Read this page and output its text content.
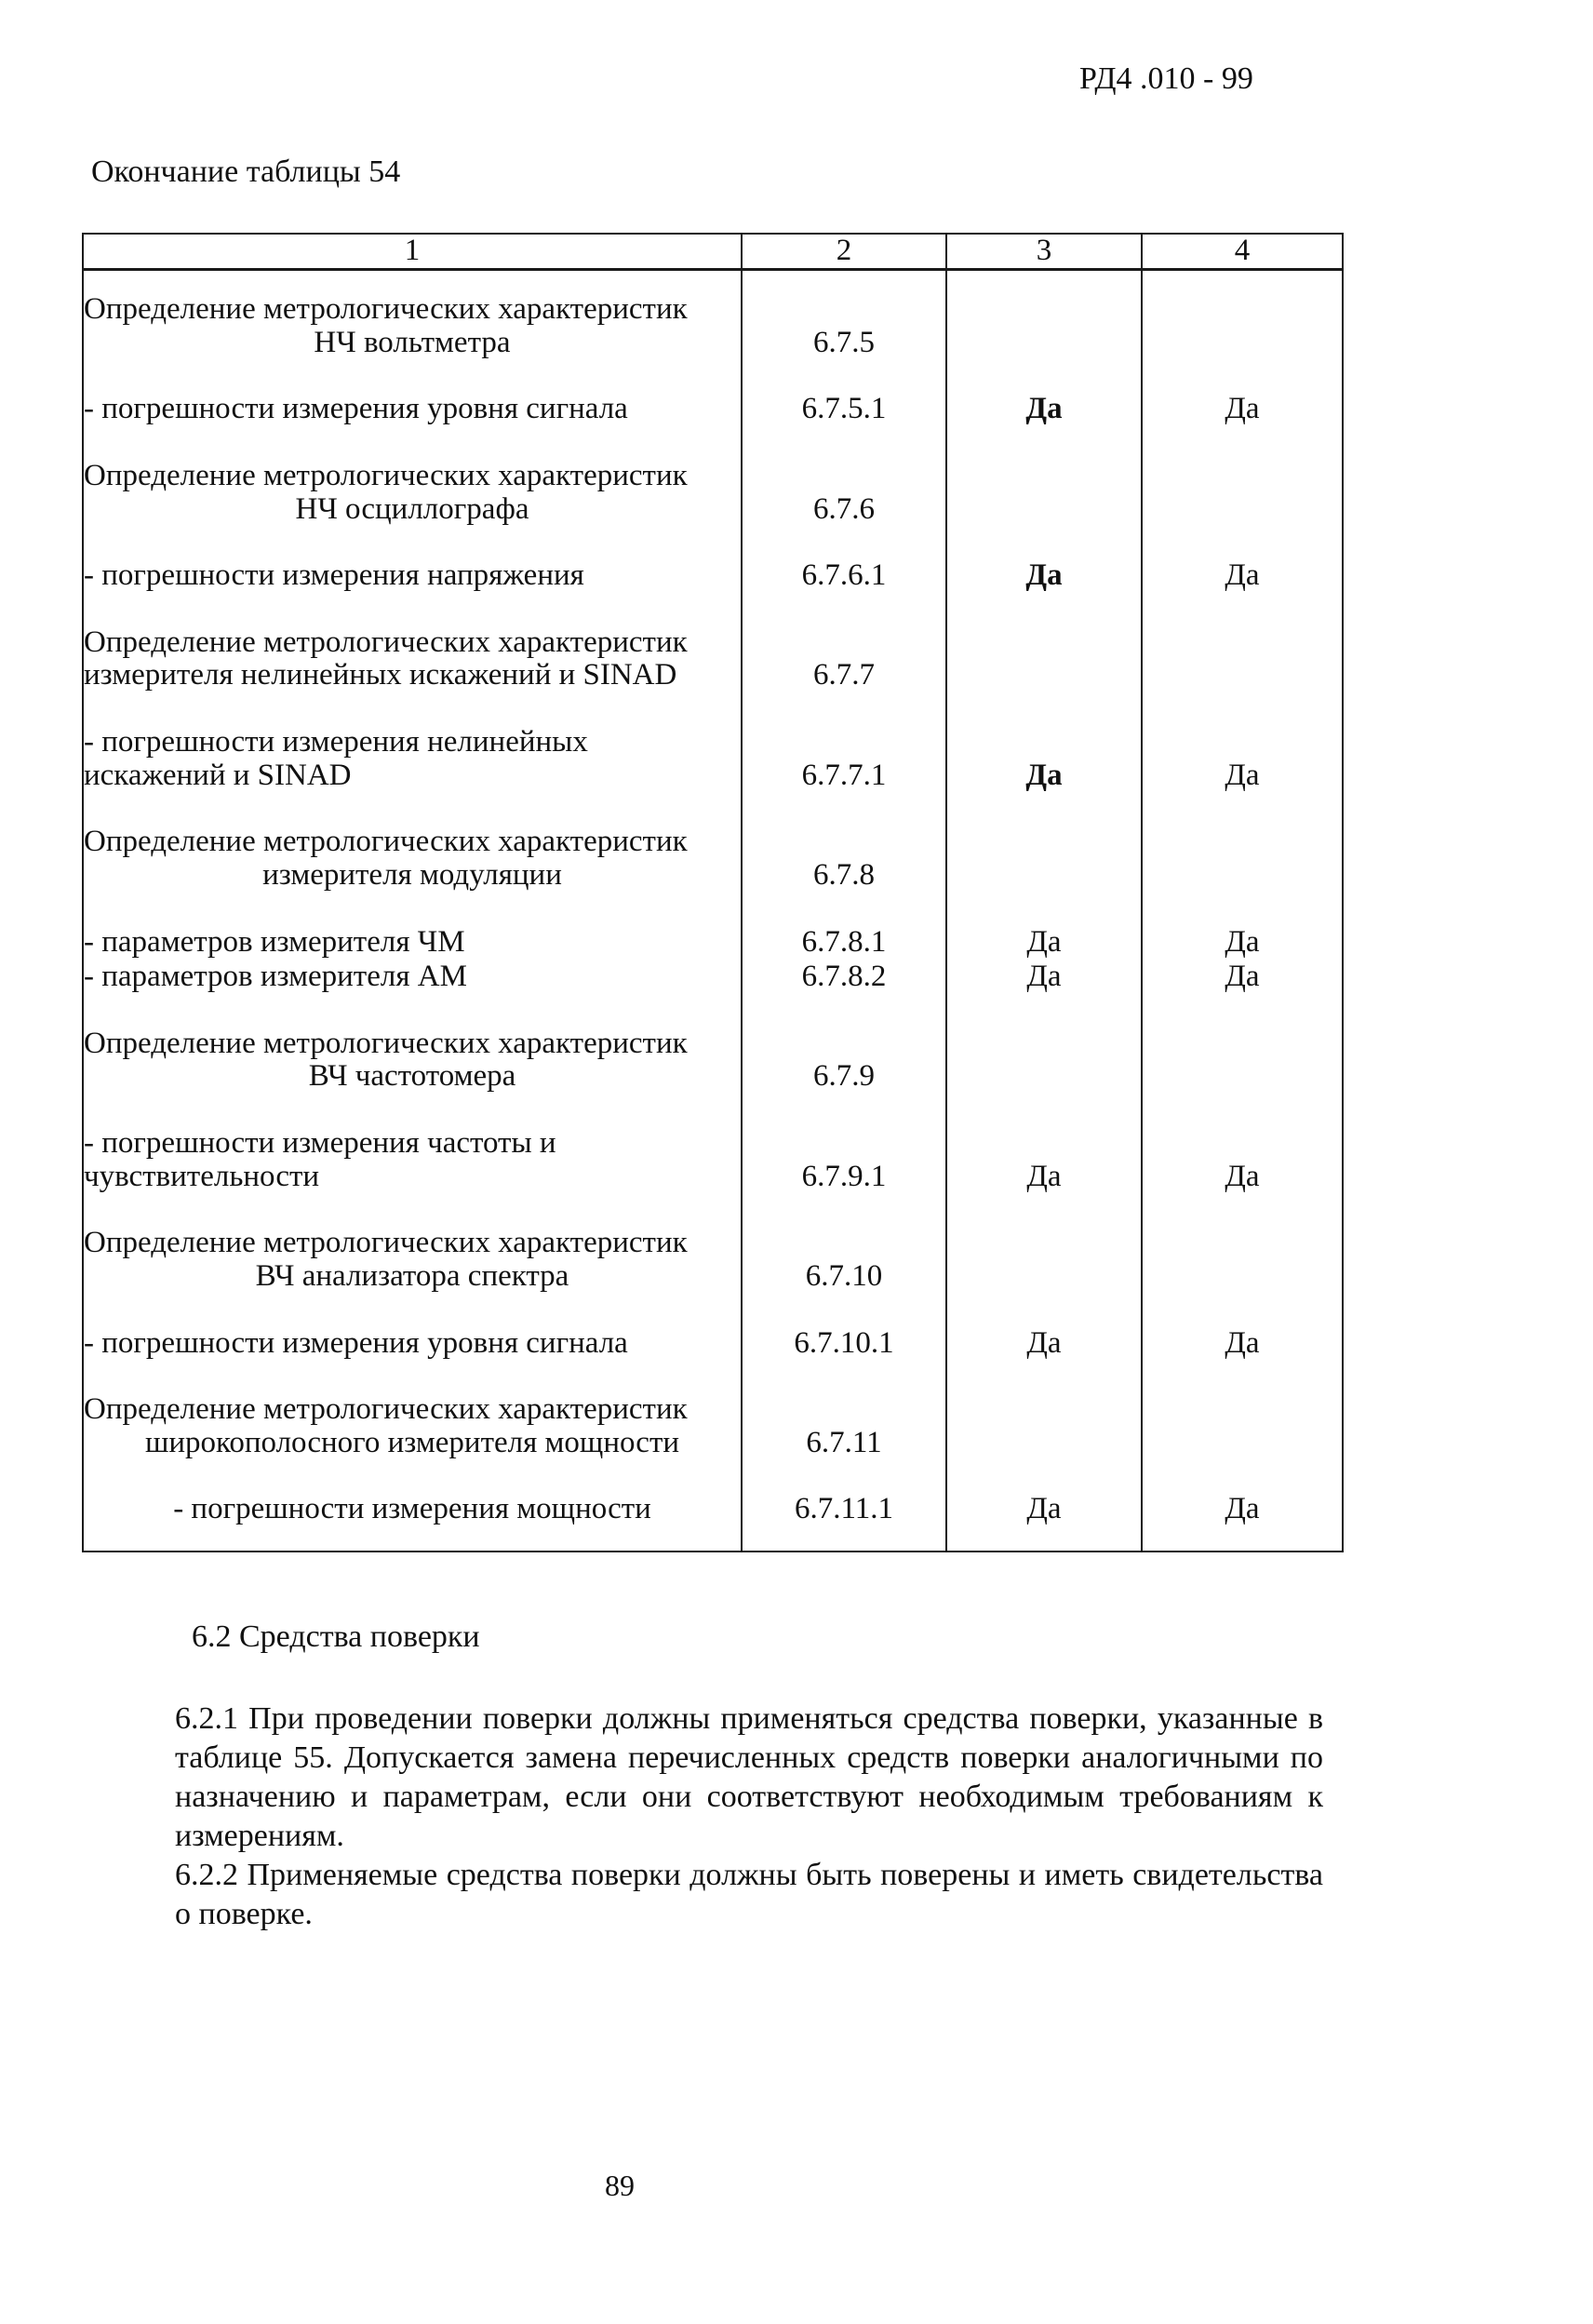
РД4 .010 - 99
Окончание таблицы 54
1	2	3	4

Определение метрологических характеристик
НЧ вольтметра	6.7.5		

- погрешности измерения уровня сигнала	6.7.5.1	Да	Да

Определение метрологических характеристик
НЧ осциллографа	6.7.6		

- погрешности измерения напряжения	6.7.6.1	Да	Да

Определение метрологических характеристик
измерителя нелинейных искажений и SINAD	6.7.7		

- погрешности измерения нелинейных
искажений и SINAD	6.7.7.1	Да	Да

Определение метрологических характеристик
измерителя модуляции	6.7.8		

- параметров измерителя ЧМ	6.7.8.1	Да	Да

- параметров измерителя АМ	6.7.8.2	Да	Да

Определение метрологических характеристик
ВЧ частотомера	6.7.9		

- погрешности измерения частоты и
чувствительности	6.7.9.1	Да	Да

Определение метрологических характеристик
ВЧ анализатора спектра	6.7.10		

- погрешности измерения уровня сигнала	6.7.10.1	Да	Да

Определение метрологических характеристик
широкополосного измерителя мощности	6.7.11		

- погрешности измерения мощности	6.7.11.1	Да	Да
6.2 Средства поверки
6.2.1 При проведении поверки должны применяться средства поверки, указанные в таблице 55. Допускается замена перечисленных средств поверки аналогичными по назначению и параметрам, если они соответствуют необходимым требованиям к измерениям.
6.2.2 Применяемые средства поверки должны быть поверены и иметь свидетельства о поверке.
89
